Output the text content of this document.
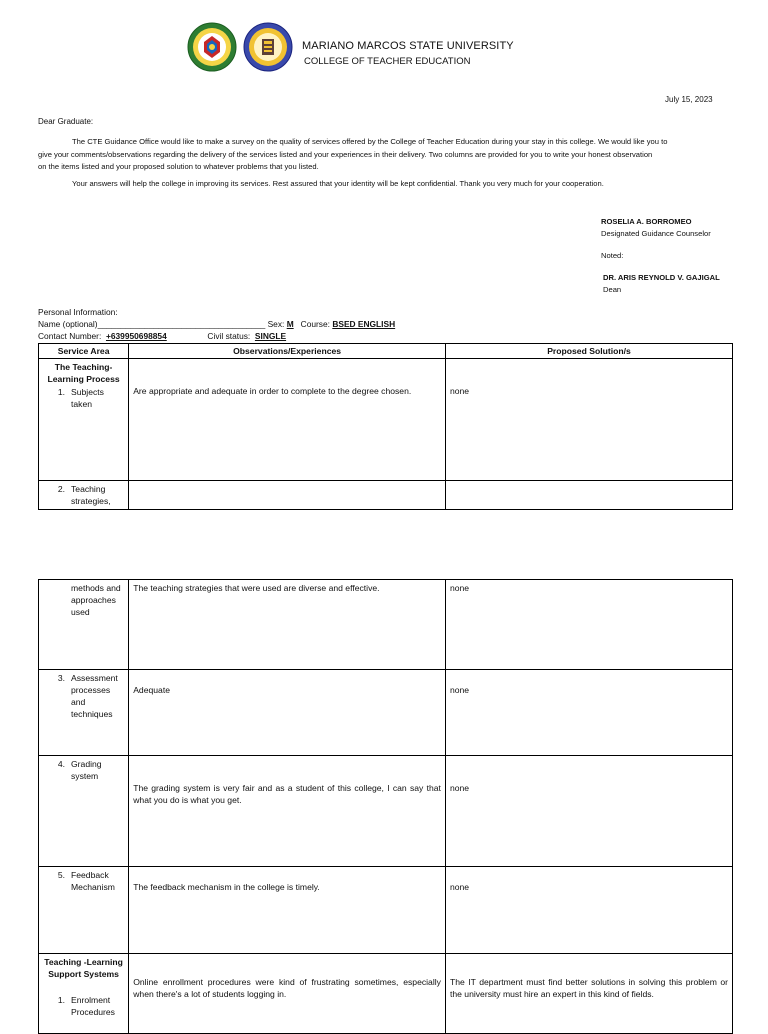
MARIANO MARCOS STATE UNIVERSITY
COLLEGE OF TEACHER EDUCATION
July 15, 2023
Dear Graduate:
The CTE Guidance Office would like to make a survey on the quality of services offered by the College of Teacher Education during your stay in this college. We would like you to
give your comments/observations regarding the delivery of the services listed and your experiences in their delivery. Two columns are provided for you to write your honest observation
on the items listed and your proposed solution to whatever problems that you listed.
Your answers will help the college in improving its services. Rest assured that your identity will be kept confidential. Thank you very much for your cooperation.
ROSELIA A. BORROMEO
Designated Guidance Counselor
Noted:
DR. ARIS REYNOLD V. GAJIGAL
Dean
Personal Information:
Name (optional)____________________________________ Sex: M Course: BSED ENGLISH
Contact Number: +639950698854	Civil status: SINGLE
Service Area	Observations/Experiences	Proposed Solution/s

The Teaching-
Learning Process
1. Subjects taken	Are appropriate and adequate in order to complete to the degree chosen.	none

2. Teaching strategies,		

methods and approaches used	The teaching strategies that were used are diverse and effective.	none

3. Assessment processes and techniques	Adequate	none

4. Grading system	The grading system is very fair and as a student of this college, I can say that what you do is what you get.	none

5. Feedback Mechanism	The feedback mechanism in the college is timely.	none

Teaching -Learning
Support Systems
1. Enrolment Procedures	Online enrollment procedures were kind of frustrating sometimes, especially when there's a lot of students logging in.	The IT department must find better solutions in solving this problem or the university must hire an expert in this kind of fields.
